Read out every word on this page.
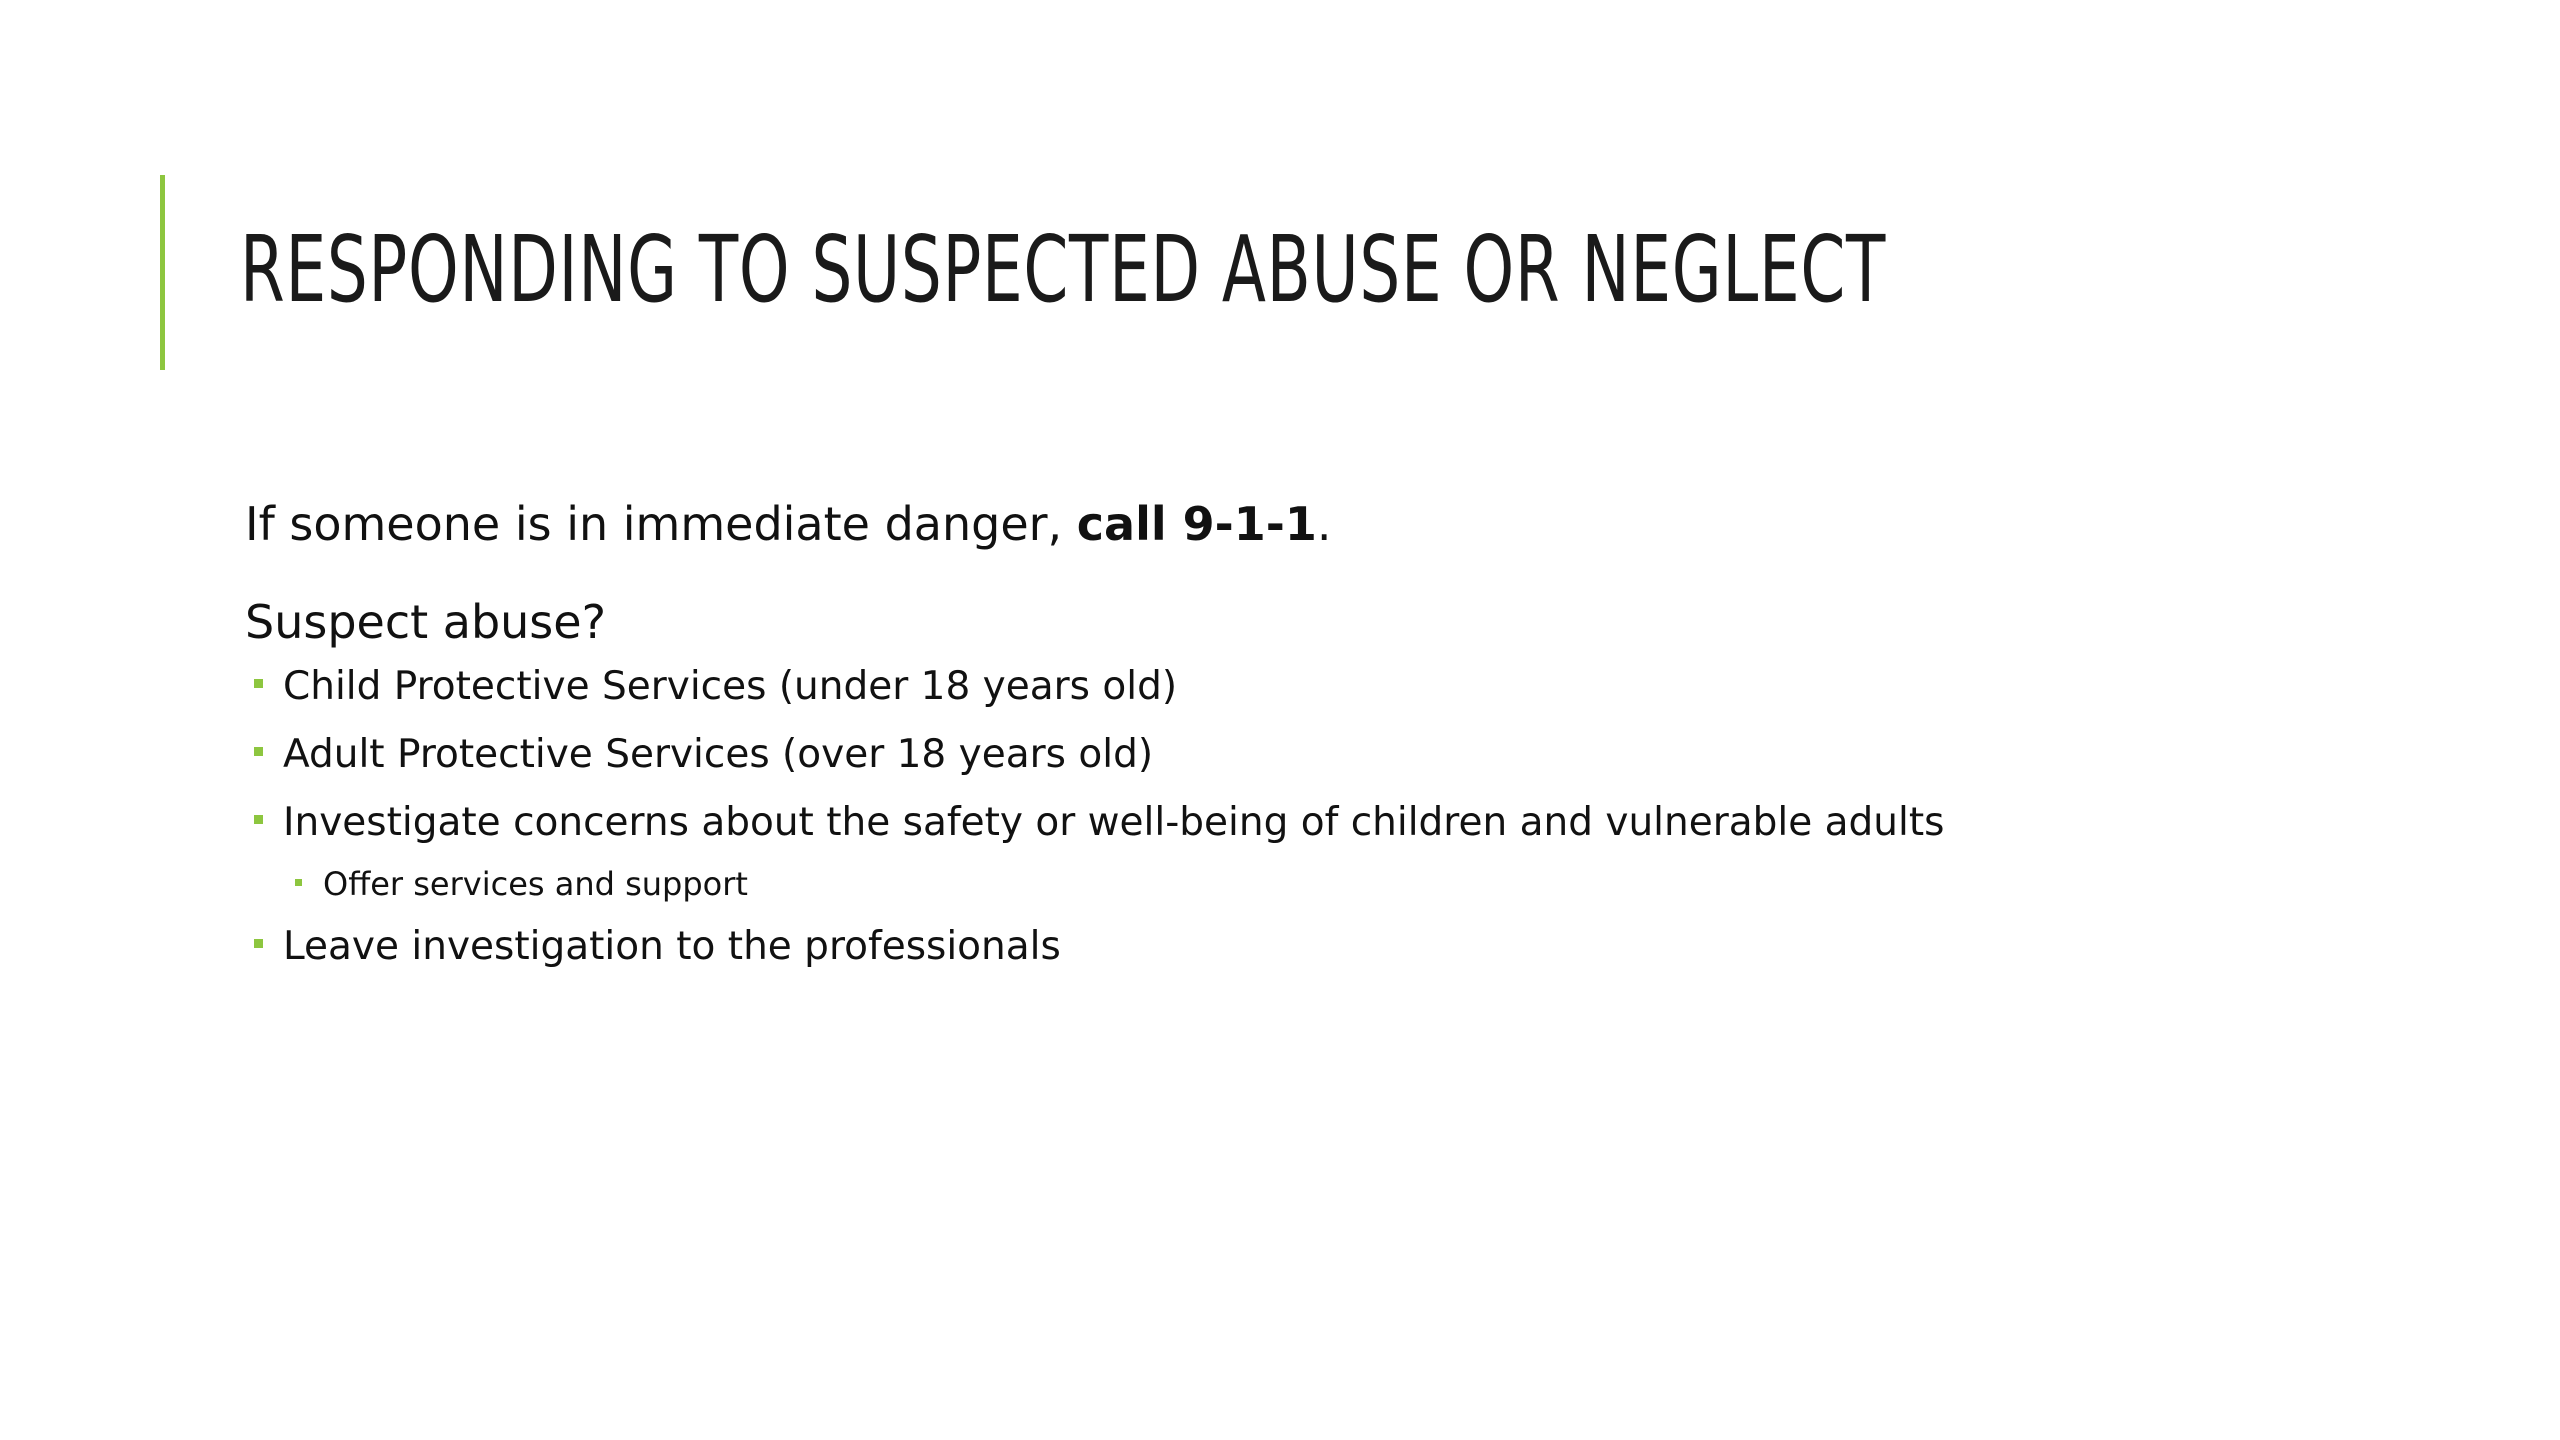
RESPONDING TO SUSPECTED ABUSE OR NEGLECT

If someone is in immediate danger, call 9-1-1.

Suspect abuse?

Child Protective Services (under 18 years old)
Adult Protective Services (over 18 years old)
Investigate concerns about the safety or well-being of children and vulnerable adults
Offer services and support
Leave investigation to the professionals
